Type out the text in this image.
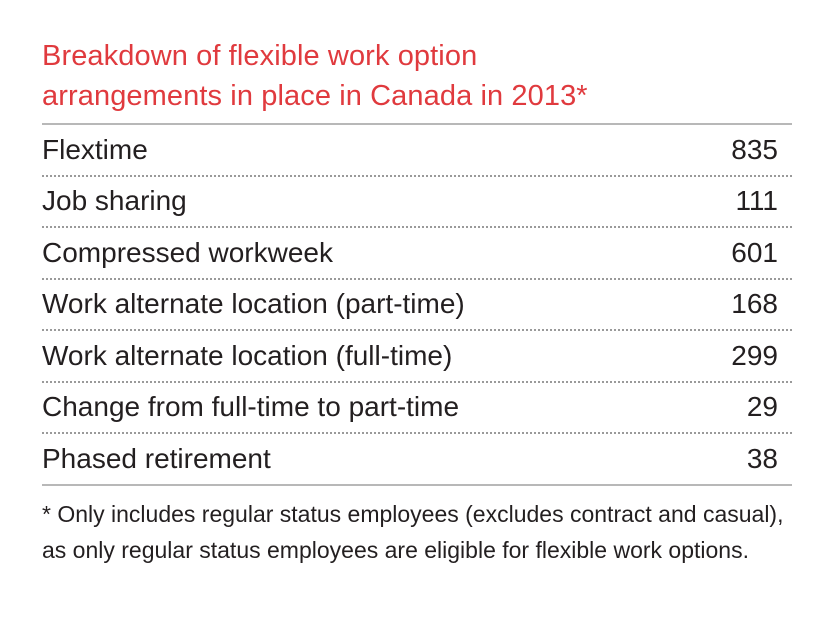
Breakdown of flexible work option
arrangements in place in Canada in 2013*
Flextime	835
Job sharing	111
Compressed workweek	601
Work alternate location (part-time)	168
Work alternate location (full-time)	299
Change from full-time to part-time	29
Phased retirement	38
* Only includes regular status employees (excludes contract and casual), as only regular status employees are eligible for flexible work options.
